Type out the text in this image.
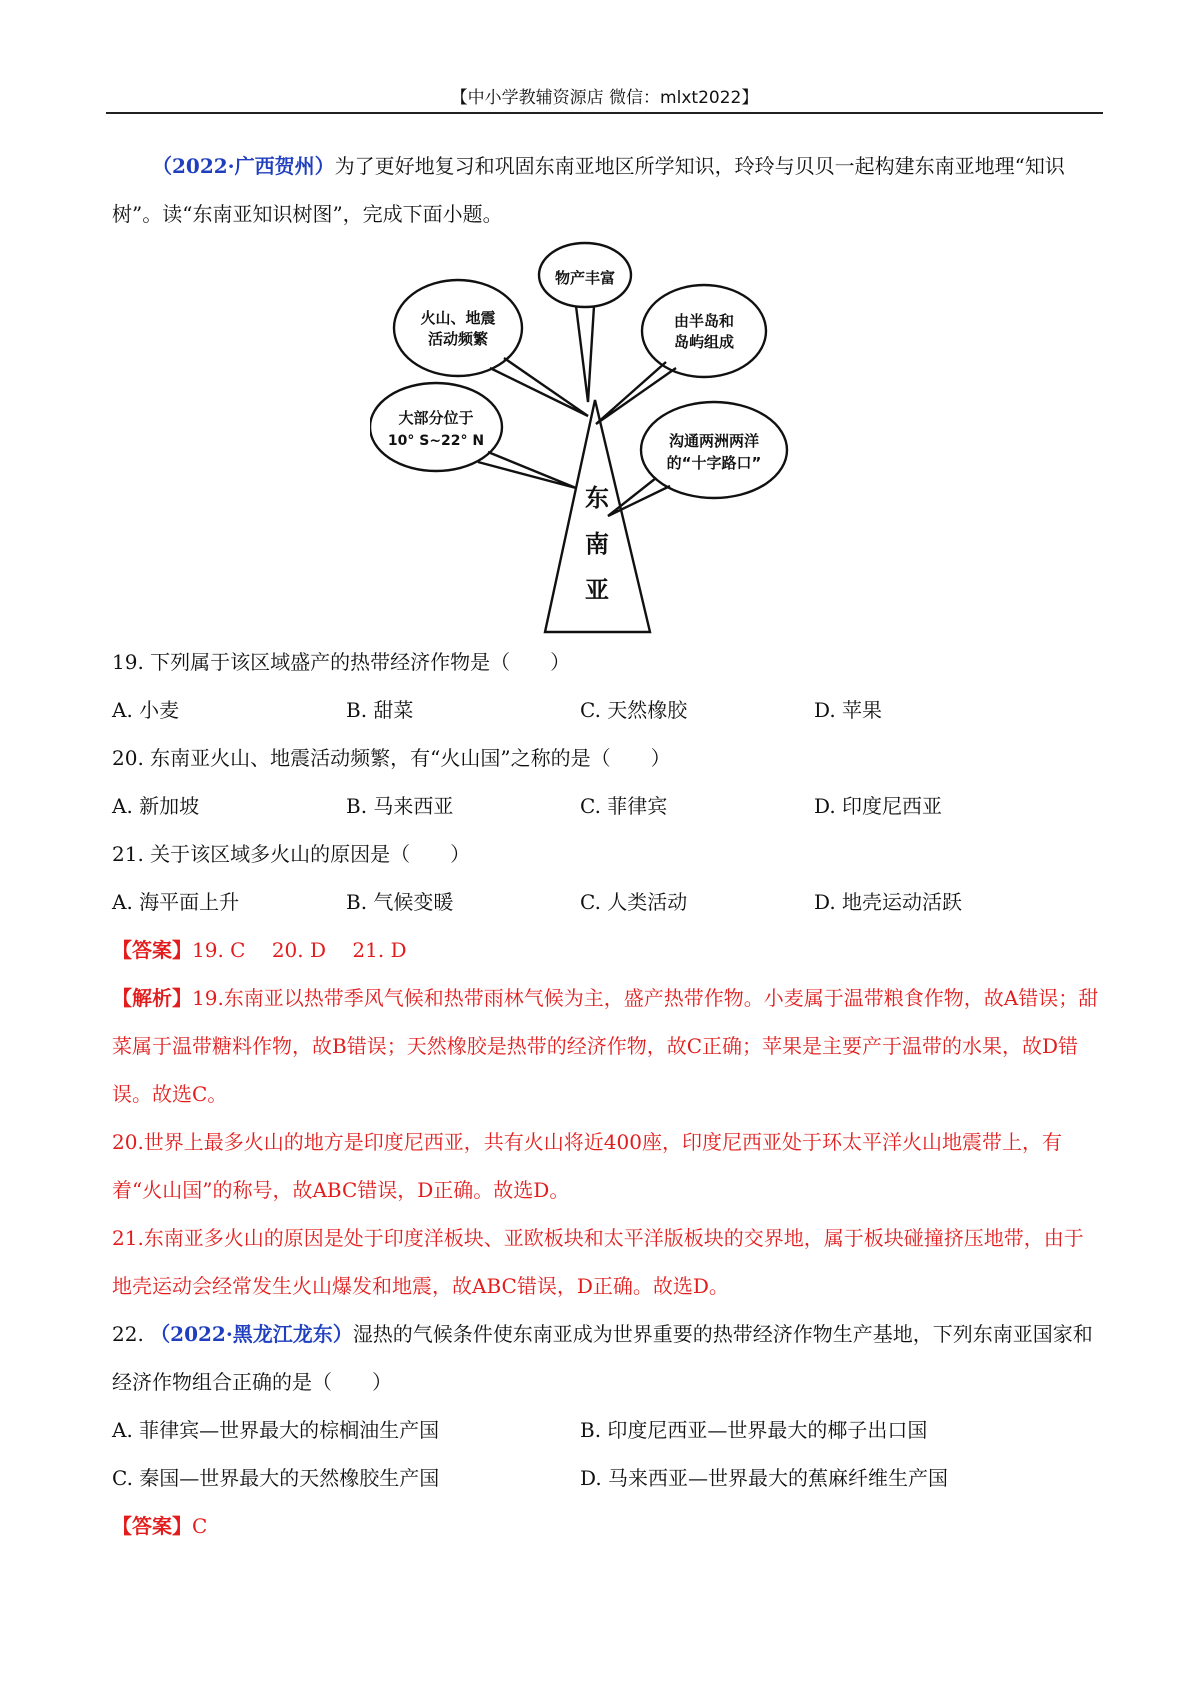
【中小学教辅资源店 微信：mlxt2022】

（2022·广西贺州）为了更好地复习和巩固东南亚地区所学知识，玲玲与贝贝一起构建东南亚地理“知识树”。读“东南亚知识树图”，完成下面小题。

东
南
亚
物产丰富
火山、地震
活动频繁
由半岛和
岛屿组成
大部分位于
10° S~22° N	沟通两洲两洋
的“十字路口”

19. 下列属于该区域盛产的热带经济作物是（　　）

A. 小麦	B. 甜菜	C. 天然橡胶	D. 苹果

20. 东南亚火山、地震活动频繁，有“火山国”之称的是（　　）

A. 新加坡	B. 马来西亚	C. 菲律宾	D. 印度尼西亚

21. 关于该区域多火山的原因是（　　）

A. 海平面上升	B. 气候变暖	C. 人类活动	D. 地壳运动活跃

【答案】19. C　 20. D　 21. D

【解析】19.东南亚以热带季风气候和热带雨林气候为主，盛产热带作物。小麦属于温带粮食作物，故A错误；甜菜属于温带糖料作物，故B错误；天然橡胶是热带的经济作物，故C正确；苹果是主要产于温带的水果，故D错误。故选C。

20.世界上最多火山的地方是印度尼西亚，共有火山将近400座，印度尼西亚处于环太平洋火山地震带上，有着“火山国”的称号，故ABC错误，D正确。故选D。

21.东南亚多火山的原因是处于印度洋板块、亚欧板块和太平洋版板块的交界地，属于板块碰撞挤压地带，由于地壳运动会经常发生火山爆发和地震，故ABC错误，D正确。故选D。

22. （2022·黑龙江龙东）湿热的气候条件使东南亚成为世界重要的热带经济作物生产基地，下列东南亚国家和经济作物组合正确的是（　　）

A. 菲律宾—世界最大的棕榈油生产国	B. 印度尼西亚—世界最大的椰子出口国
C. 秦国—世界最大的天然橡胶生产国	D. 马来西亚—世界最大的蕉麻纤维生产国

【答案】C
